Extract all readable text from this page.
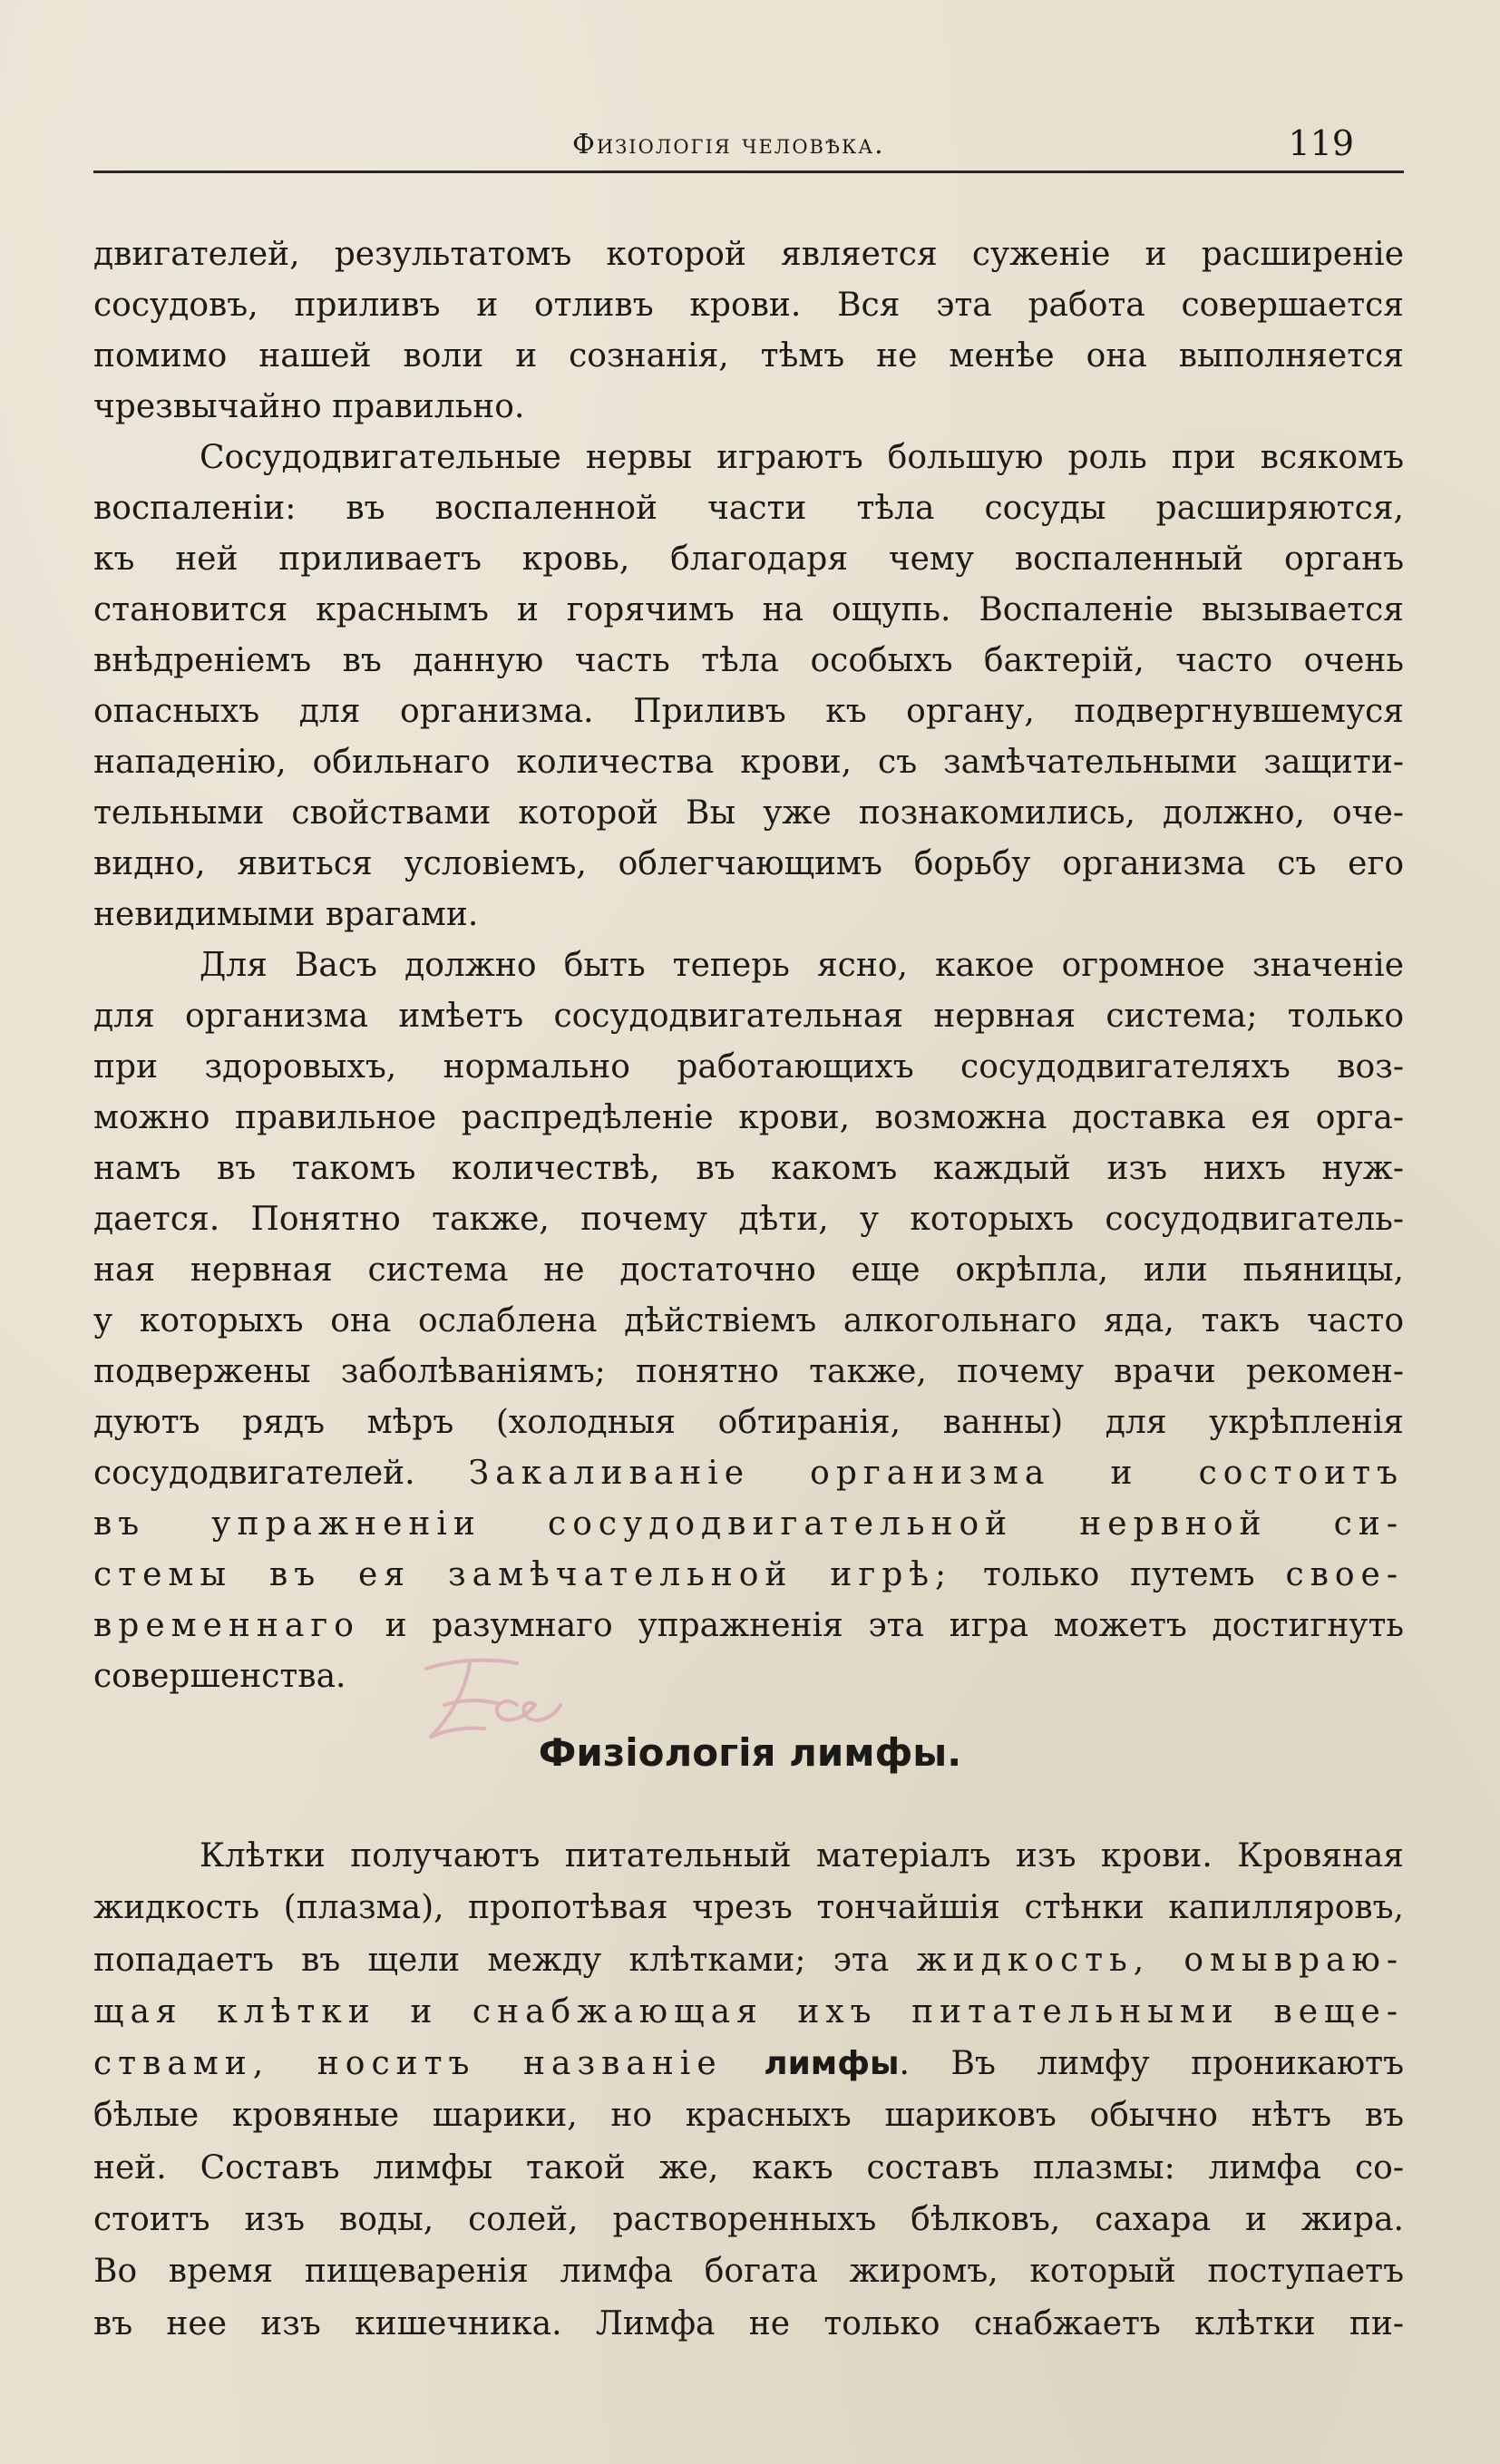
Физіологія человѣка.	119
двигателей, результатомъ которой является суженіе и расширеніе
сосудовъ, приливъ и отливъ крови. Вся эта работа совершается
помимо нашей воли и сознанія, тѣмъ не менѣе она выполняется
чрезвычайно правильно.
Сосудодвигательные нервы играютъ большую роль при всякомъ
воспаленіи: въ воспаленной части тѣла сосуды расширяются,
къ ней приливаетъ кровь, благодаря чему воспаленный органъ
становится краснымъ и горячимъ на ощупь. Воспаленіе вызывается
внѣдреніемъ въ данную часть тѣла особыхъ бактерій, часто очень
опасныхъ для организма. Приливъ къ органу, подвергнувшемуся
нападенію, обильнаго количества крови, съ замѣчательными защити-
тельными свойствами которой Вы уже познакомились, должно, оче-
видно, явиться условіемъ, облегчающимъ борьбу организма съ его
невидимыми врагами.
Для Васъ должно быть теперь ясно, какое огромное значеніе
для организма имѣетъ сосудодвигательная нервная система; только
при здоровыхъ, нормально работающихъ сосудодвигателяхъ воз-
можно правильное распредѣленіе крови, возможна доставка ея орга-
намъ въ такомъ количествѣ, въ какомъ каждый изъ нихъ нуж-
дается. Понятно также, почему дѣти, у которыхъ сосудодвигатель-
ная нервная система не достаточно еще окрѣпла, или пьяницы,
у которыхъ она ослаблена дѣйствіемъ алкогольнаго яда, такъ часто
подвержены заболѣваніямъ; понятно также, почему врачи рекомен-
дуютъ рядъ мѣръ (холодныя обтиранія, ванны) для укрѣпленія
сосудодвигателей. Закаливаніе организма и состоитъ
въ упражненіи сосудодвигательной нервной си-
стемы въ ея замѣчательной игрѣ; только путемъ свое-
временнаго и разумнаго упражненія эта игра можетъ достигнуть
совершенства.
Физіологія лимфы.
Клѣтки получаютъ питательный матеріалъ изъ крови. Кровяная
жидкость (плазма), пропотѣвая чрезъ тончайшія стѣнки капилляровъ,
попадаетъ въ щели между клѣтками; эта жидкость, омывраю-
щая клѣтки и снабжающая ихъ питательными веще-
ствами, носитъ названіе лимфы. Въ лимфу проникаютъ
бѣлые кровяные шарики, но красныхъ шариковъ обычно нѣтъ въ
ней. Составъ лимфы такой же, какъ составъ плазмы: лимфа со-
стоитъ изъ воды, солей, растворенныхъ бѣлковъ, сахара и жира.
Во время пищеваренія лимфа богата жиромъ, который поступаетъ
въ нее изъ кишечника. Лимфа не только снабжаетъ клѣтки пи-
